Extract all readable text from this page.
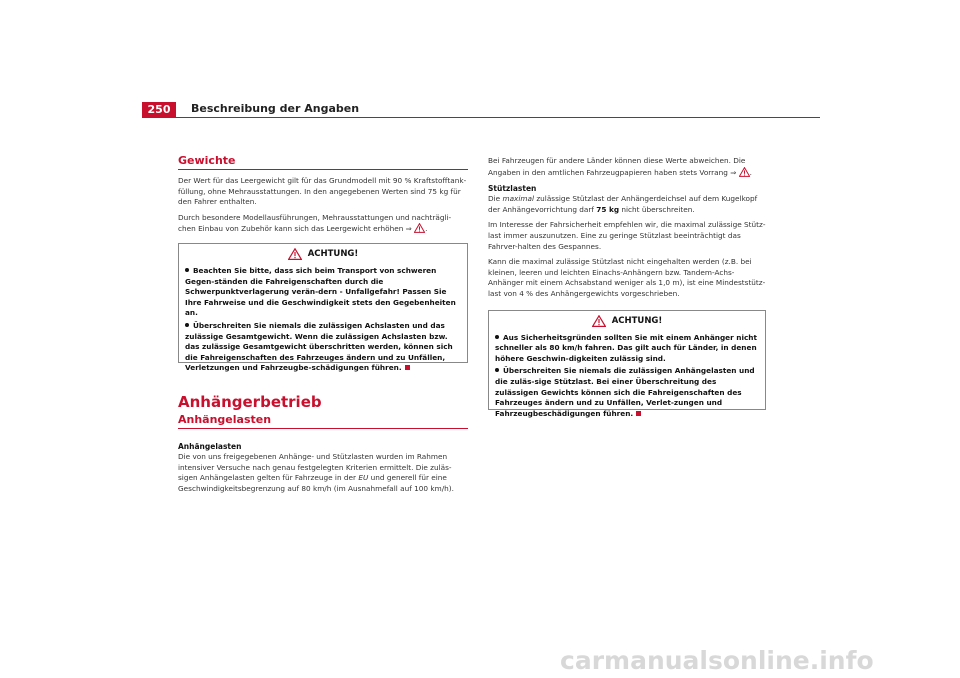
250	Beschreibung der Angaben
Gewichte

Der Wert für das Leergewicht gilt für das Grundmodell mit 90 % Kraftstofftank-füllung, ohne Mehrausstattungen. In den angegebenen Werten sind 75 kg für den Fahrer enthalten.

Durch besondere Modellausführungen, Mehrausstattungen und nachträgli-chen Einbau von Zubehör kann sich das Leergewicht erhöhen ⇒ .

ACHTUNG!

Beachten Sie bitte, dass sich beim Transport von schweren Gegen-ständen die Fahreigenschaften durch die Schwerpunktverlagerung verän-dern - Unfallgefahr! Passen Sie Ihre Fahrweise und die Geschwindigkeit stets den Gegebenheiten an.

Überschreiten Sie niemals die zulässigen Achslasten und das zulässige Gesamtgewicht. Wenn die zulässigen Achslasten bzw. das zulässige Gesamtgewicht überschritten werden, können sich die Fahreigenschaften des Fahrzeuges ändern und zu Unfällen, Verletzungen und Fahrzeugbe-schädigungen führen.

Anhängerbetrieb
Anhängelasten
Anhängelasten

Die von uns freigegebenen Anhänge- und Stützlasten wurden im Rahmen intensiver Versuche nach genau festgelegten Kriterien ermittelt. Die zuläs-sigen Anhängelasten gelten für Fahrzeuge in der EU und generell für eine Geschwindigkeitsbegrenzung auf 80 km/h (im Ausnahmefall auf 100 km/h).

Bei Fahrzeugen für andere Länder können diese Werte abweichen. Die Angaben in den amtlichen Fahrzeugpapieren haben stets Vorrang ⇒ .

Stützlasten

Die maximal zulässige Stützlast der Anhängerdeichsel auf dem Kugelkopf der Anhängevorrichtung darf 75 kg nicht überschreiten.

Im Interesse der Fahrsicherheit empfehlen wir, die maximal zulässige Stütz-last immer auszunutzen. Eine zu geringe Stützlast beeinträchtigt das Fahrver-halten des Gespannes.

Kann die maximal zulässige Stützlast nicht eingehalten werden (z.B. bei kleinen, leeren und leichten Einachs-Anhängern bzw. Tandem-Achs-Anhänger mit einem Achsabstand weniger als 1,0 m), ist eine Mindeststütz-last von 4 % des Anhängergewichts vorgeschrieben.

ACHTUNG!

Aus Sicherheitsgründen sollten Sie mit einem Anhänger nicht schneller als 80 km/h fahren. Das gilt auch für Länder, in denen höhere Geschwin-digkeiten zulässig sind.

Überschreiten Sie niemals die zulässigen Anhängelasten und die zuläs-sige Stützlast. Bei einer Überschreitung des zulässigen Gewichts können sich die Fahreigenschaften des Fahrzeuges ändern und zu Unfällen, Verlet-zungen und Fahrzeugbeschädigungen führen.

carmanualsonline.info
